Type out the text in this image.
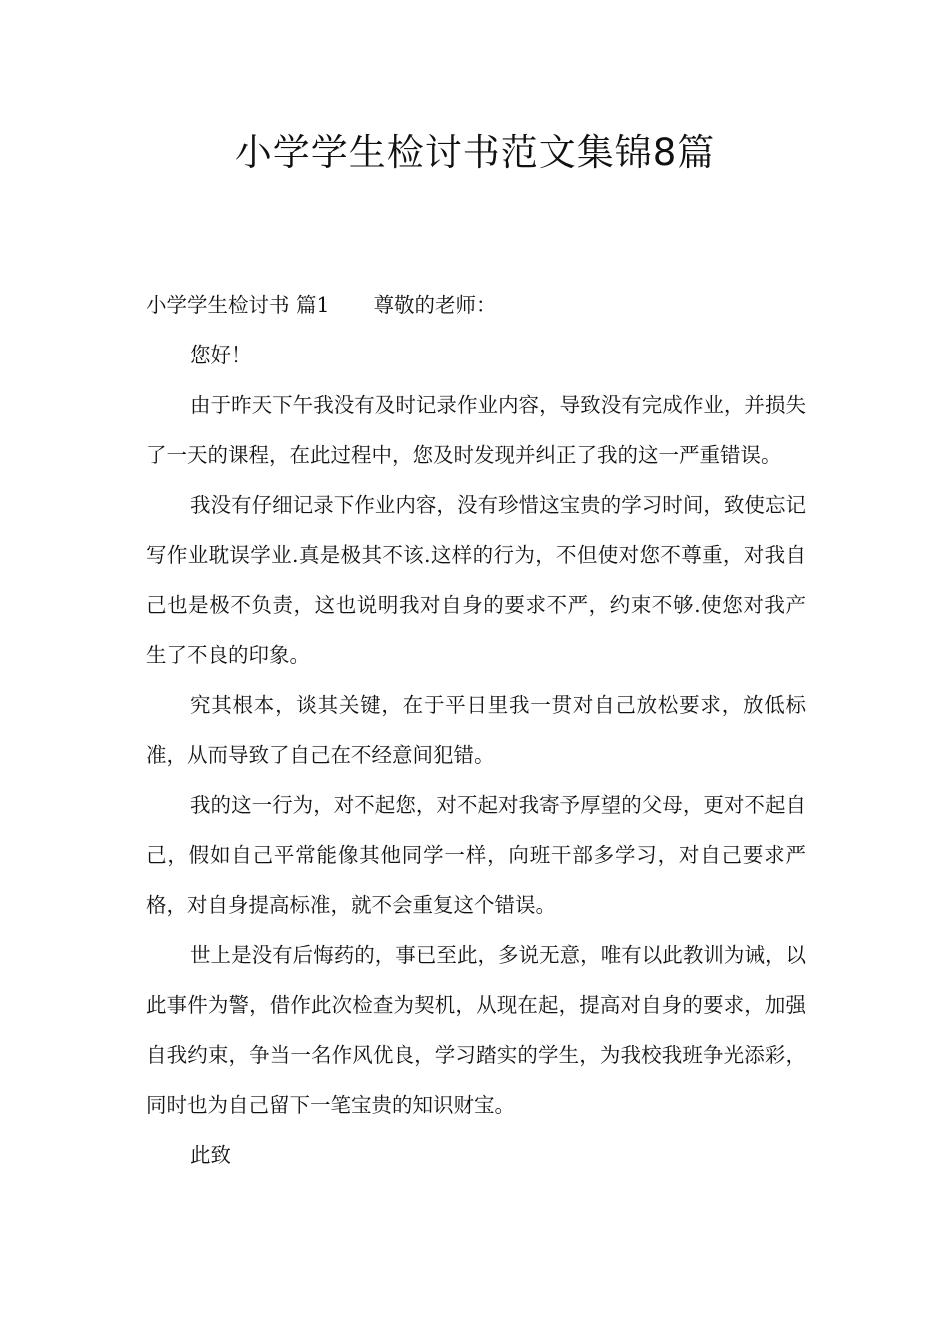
小学学生检讨书范文集锦8篇
小学学生检讨书 篇1 尊敬的老师：

您好！

由于昨天下午我没有及时记录作业内容，导致没有完成作业，并损失了一天的课程，在此过程中，您及时发现并纠正了我的这一严重错误。

我没有仔细记录下作业内容，没有珍惜这宝贵的学习时间，致使忘记写作业耽误学业.真是极其不该.这样的行为，不但使对您不尊重，对我自己也是极不负责，这也说明我对自身的要求不严，约束不够.使您对我产生了不良的印象。

究其根本，谈其关键，在于平日里我一贯对自己放松要求，放低标准，从而导致了自己在不经意间犯错。

我的这一行为，对不起您，对不起对我寄予厚望的父母，更对不起自己，假如自己平常能像其他同学一样，向班干部多学习，对自己要求严格，对自身提高标准，就不会重复这个错误。

世上是没有后悔药的，事已至此，多说无意，唯有以此教训为诫，以此事件为警，借作此次检查为契机，从现在起，提高对自身的要求，加强自我约束，争当一名作风优良，学习踏实的学生，为我校我班争光添彩，同时也为自己留下一笔宝贵的知识财宝。

此致
